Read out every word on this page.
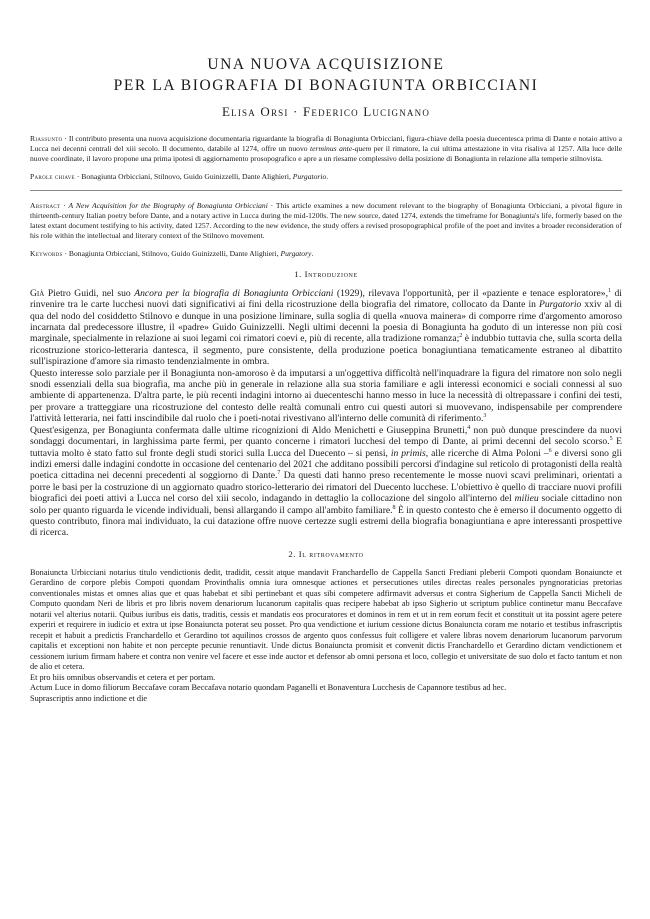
UNA NUOVA ACQUISIZIONE
PER LA BIOGRAFIA DI BONAGIUNTA ORBICCIANI
Elisa Orsi · Federico Lucignano

Riassunto · Il contributo presenta una nuova acquisizione documentaria riguardante la biografia di Bonagiunta Orbicciani, figura-chiave della poesia duecentesca prima di Dante e notaio attivo a Lucca nei decenni centrali del xiii secolo. Il documento, databile al 1274, offre un nuovo terminus ante-quem per il rimatore, la cui ultima attestazione in vita risaliva al 1257. Alla luce delle nuove coordinate, il lavoro propone una prima ipotesi di aggiornamento prosopografico e apre a un riesame complessivo della posizione di Bonagiunta in relazione alla temperie stilnovista.

Parole chiave · Bonagiunta Orbicciani, Stilnovo, Guido Guinizzelli, Dante Alighieri, Purgatorio.

Abstract · A New Acquisition for the Biography of Bonagiunta Orbicciani · This article examines a new document relevant to the biography of Bonagiunta Orbicciani, a pivotal figure in thirteenth-century Italian poetry before Dante, and a notary active in Lucca during the mid-1200s. The new source, dated 1274, extends the timeframe for Bonagiunta's life, formerly based on the latest extant document testifying to his activity, dated 1257. According to the new evidence, the study offers a revised prosopographical profile of the poet and invites a broader reconsideration of his role within the intellectual and literary context of the Stilnovo movement.

Keywords · Bonagiunta Orbicciani, Stilnovo, Guido Guinizzelli, Dante Alighieri, Purgatory.

1. Introduzione

Già Pietro Guidi, nel suo Ancora per la biografia di Bonagiunta Orbicciani (1929), rilevava l'opportunità, per il «paziente e tenace esploratore»,$^1$ di rinvenire tra le carte lucchesi nuovi dati significativi ai fini della ricostruzione della biografia del rimatore, collocato da Dante in Purgatorio xxiv al di qua del nodo del cosiddetto Stilnovo e dunque in una posizione liminare, sulla soglia di quella «nuova mainera» di comporre rime d'argomento amoroso incarnata dal predecessore illustre, il «padre» Guido Guinizzelli. Negli ultimi decenni la poesia di Bonagiunta ha goduto di un interesse non più così marginale, specialmente in relazione ai suoi legami coi rimatori coevi e, più di recente, alla tradizione romanza;$^2$ è indubbio tuttavia che, sulla scorta della ricostruzione storico-letteraria dantesca, il segmento, pure consistente, della produzione poetica bonagiuntiana tematicamente estraneo al dibattito sull'ispirazione d'amore sia rimasto tendenzialmente in ombra.

Questo interesse solo parziale per il Bonagiunta non-amoroso è da imputarsi a un'oggettiva difficoltà nell'inquadrare la figura del rimatore non solo negli snodi essenziali della sua biografia, ma anche più in generale in relazione alla sua storia familiare e agli interessi economici e sociali connessi al suo ambiente di appartenenza. D'altra parte, le più recenti indagini intorno ai duecenteschi hanno messo in luce la necessità di oltrepassare i confini dei testi, per provare a tratteggiare una ricostruzione del contesto delle realtà comunali entro cui questi autori si muovevano, indispensabile per comprendere l'attività letteraria, nei fatti inscindibile dal ruolo che i poeti-notai rivestivano all'interno delle comunità di riferimento.$^3$

Quest'esigenza, per Bonagiunta confermata dalle ultime ricognizioni di Aldo Menichetti e Giuseppina Brunetti,$^4$ non può dunque prescindere da nuovi sondaggi documentari, in larghissima parte fermi, per quanto concerne i rimatori lucchesi del tempo di Dante, ai primi decenni del secolo scorso.$^5$ E tuttavia molto è stato fatto sul fronte degli studi storici sulla Lucca del Duecento – si pensi, in primis, alle ricerche di Alma Poloni –$^6$ e diversi sono gli indizi emersi dalle indagini condotte in occasione del centenario del 2021 che additano possibili percorsi d'indagine sul reticolo di protagonisti della realtà poetica cittadina nei decenni precedenti al soggiorno di Dante.$^7$ Da questi dati hanno preso recentemente le mosse nuovi scavi preliminari, orientati a porre le basi per la costruzione di un aggiornato quadro storico-letterario dei rimatori del Duecento lucchese. L'obiettivo è quello di tracciare nuovi profili biografici dei poeti attivi a Lucca nel corso del xiii secolo, indagando in dettaglio la collocazione del singolo all'interno del milieu sociale cittadino non solo per quanto riguarda le vicende individuali, bensì allargando il campo all'ambito familiare.$^8$ È in questo contesto che è emerso il documento oggetto di questo contributo, finora mai individuato, la cui datazione offre nuove certezze sugli estremi della biografia bonagiuntiana e apre interessanti prospettive di ricerca.

2. Il ritrovamento

Bonaiuncta Urbicciani notarius titulo vendictionis dedit, tradidit, cessit atque mandavit Franchardello de Cappella Sancti Frediani pleberii Compoti quondam Bonaiuncte et Gerardino de corpore plebis Compoti quondam Provinthalis omnia iura omnesque actiones et persecutiones utiles directas reales personales pyngnoraticias pretorias conventionales mistas et omnes alias que et quas habebat et sibi pertinebant et quas sibi competere adfirmavit adversus et contra Sigherium de Cappella Sancti Micheli de Computo quondam Neri de libris et pro libris novem denariorum lucanorum capitalis quas recipere habebat ab ipso Sigherio ut scriptum publice continetur manu Beccafave notarii vel alterius notarii. Quibus iuribus eis datis, traditis, cessis et mandatis eos procuratores et dominos in rem et ut in rem eorum fecit et constituit ut ita possint agere petere experiri et requirere in iudicio et extra ut ipse Bonaiuncta poterat seu posset. Pro qua vendictione et iurium cessione dictus Bonaiuncta coram me notario et testibus infrascriptis recepit et habuit a predictis Franchardello et Gerardino tot aquilinos crossos de argento quos confessus fuit colligere et valere libras novem denariorum lucanorum parvorum capitalis et exceptioni non habite et non percepte pecunie renuntiavit. Unde dictus Bonaiuncta promisit et convenit dictis Franchardello et Gerardino dictam vendictionem et cessionem iurium firmam habere et contra non venire vel facere et esse inde auctor et defensor ab omni persona et loco, collegio et universitate de suo dolo et facto tantum et non de alio et cetera.

Et pro hiis omnibus observandis et cetera et per portam.

Actum Luce in domo filiorum Beccafave coram Beccafava notario quondam Paganelli et Bonaventura Lucchesis de Capannore testibus ad hec.

Suprascriptis anno indictione et die
